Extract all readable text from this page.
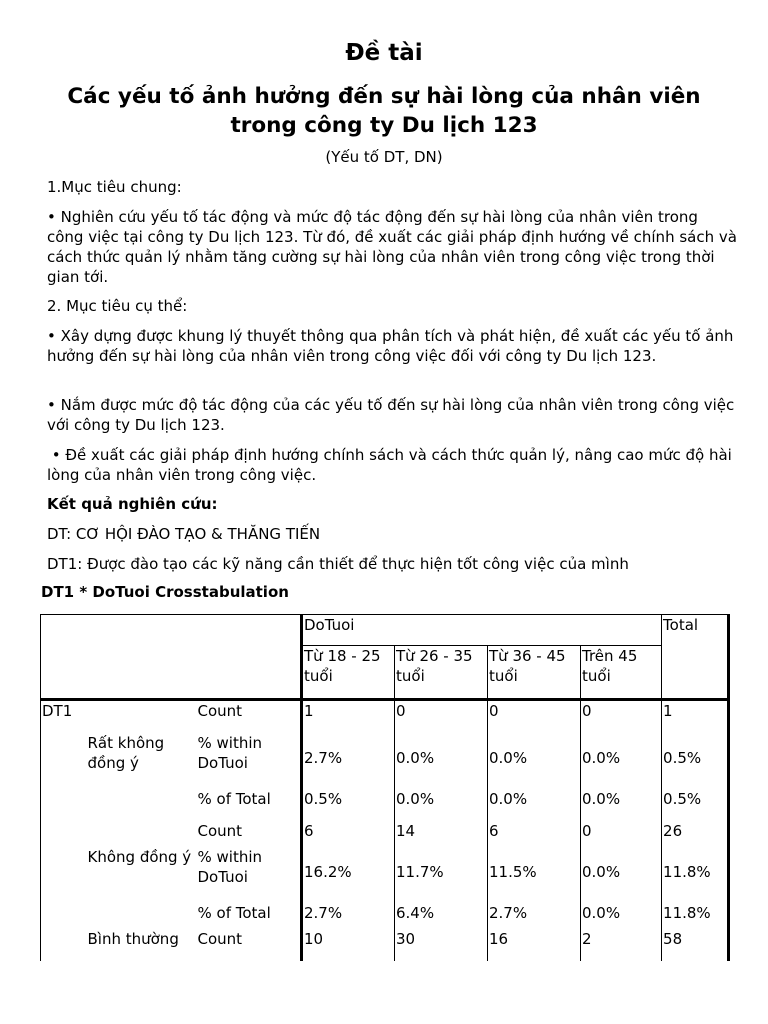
Đề tài
Các yếu tố ảnh hưởng đến sự hài lòng của nhân viên trong công ty Du lịch 123
(Yếu tố DT, DN)
1.Mục tiêu chung:
• Nghiên cứu yếu tố tác động và mức độ tác động đến sự hài lòng của nhân viên trong công việc tại công ty Du lịch 123. Từ đó, đề xuất các giải pháp định hướng về chính sách và cách thức quản lý nhằm tăng cường sự hài lòng của nhân viên trong công việc trong thời gian tới.
2. Mục tiêu cụ thể:
• Xây dựng được khung lý thuyết thông qua phân tích và phát hiện, đề xuất các yếu tố ảnh hưởng đến sự hài lòng của nhân viên trong công việc đối với công ty Du lịch 123.
• Nắm được mức độ tác động của các yếu tố đến sự hài lòng của nhân viên trong công việc với công ty Du lịch 123.
• Đề xuất các giải pháp định hướng chính sách và cách thức quản lý, nâng cao mức độ hài lòng của nhân viên trong công việc.
Kết quả nghiên cứu:
DT: CƠ HỘI ĐÀO TẠO & THĂNG TIẾN
DT1: Được đào tạo các kỹ năng cần thiết để thực hiện tốt công việc của mình
DT1 * DoTuoi Crosstabulation
			DoTuoi				Total
			Từ 18 - 25 tuổi	Từ 26 - 35 tuổi	Từ 36 - 45 tuổi	Trên 45 tuổi	
DT1		Count	1	0	0	0	1
	Rất không đồng ý	% within DoTuoi	2.7%	0.0%	0.0%	0.0%	0.5%
		% of Total	0.5%	0.0%	0.0%	0.0%	0.5%
		Count	6	14	6	0	26
	Không đồng ý	% within DoTuoi	16.2%	11.7%	11.5%	0.0%	11.8%
		% of Total	2.7%	6.4%	2.7%	0.0%	11.8%
	Bình thường	Count	10	30	16	2	58
